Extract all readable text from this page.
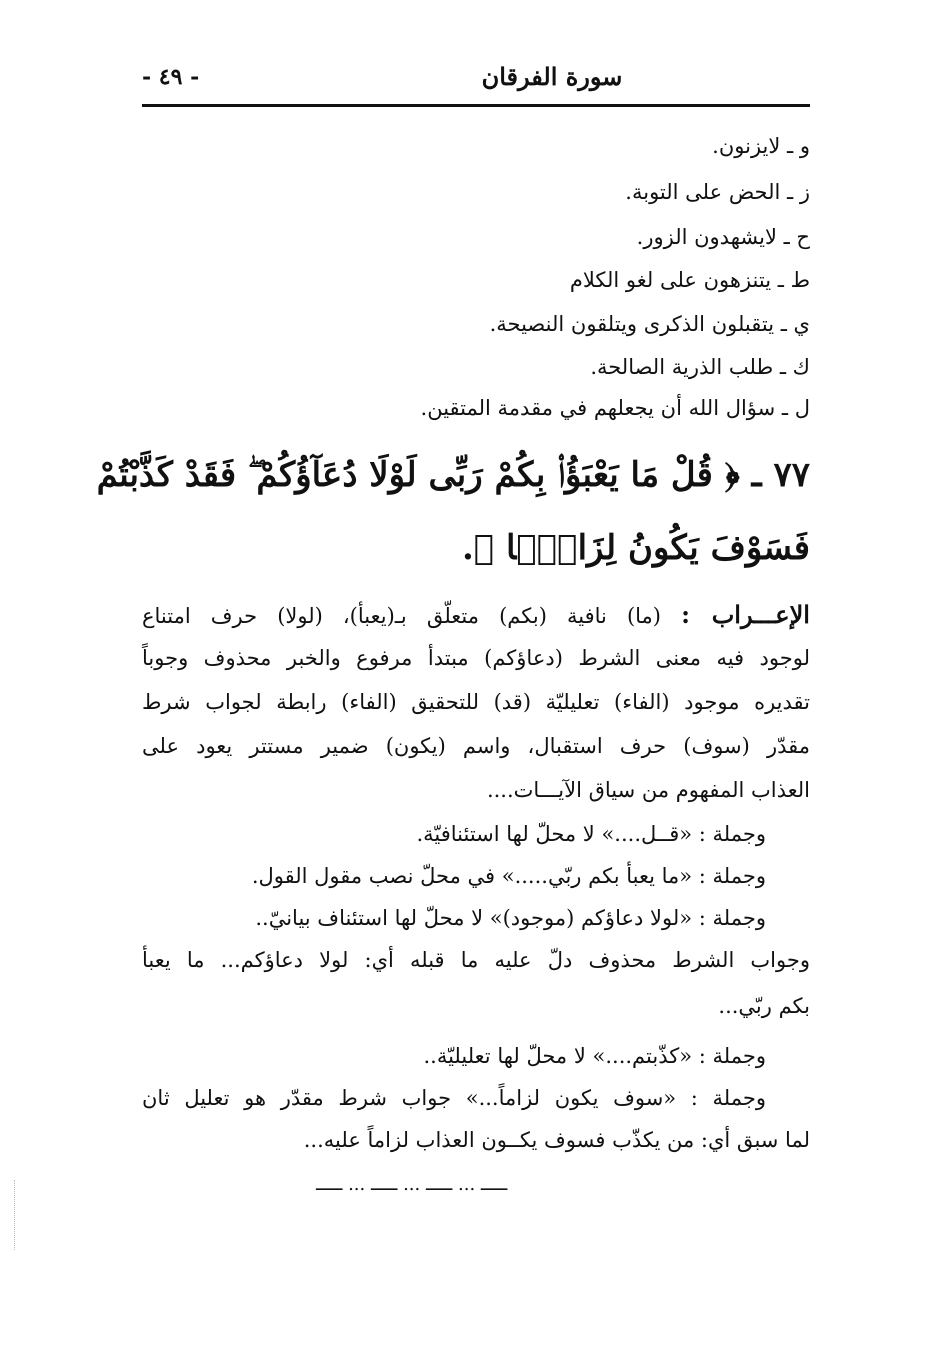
- ٤٩ -	سورة الفرقان
و ـ لايزنون.
ز ـ الحض على التوبة.
ح ـ لايشهدون الزور.
ط ـ يتنزهون على لغو الكلام
ي ـ يتقبلون الذكرى ويتلقون النصيحة.
ك ـ طلب الذرية الصالحة.
ل ـ سؤال الله أن يجعلهم في مقدمة المتقين.
٧٧ ـ ﴿ قُلْ مَا يَعْبَؤُا۟ بِكُمْ رَبِّى لَوْلَا دُعَآؤُكُمْ ۖ فَقَدْ كَذَّبْتُمْ
فَسَوْفَ يَكُونُ لِزَامًۢا ﴾.
الإعـــراب : (ما) نافية (بكم) متعلّق بـ(يعبأ)، (لولا) حرف امتناع
لوجود فيه معنى الشرط (دعاؤكم) مبتدأ مرفوع والخبر محذوف وجوباً
تقديره موجود (الفاء) تعليليّة (قد) للتحقيق (الفاء) رابطة لجواب شرط
مقدّر (سوف) حرف استقبال، واسم (يكون) ضمير مستتر يعود على
العذاب المفهوم من سياق الآيـــات....
وجملة : «قــل....» لا محلّ لها استئنافيّة.
وجملة : «ما يعبأ بكم ربّي.....» في محلّ نصب مقول القول.
وجملة : «لولا دعاؤكم (موجود)» لا محلّ لها استئناف بيانيّ..
وجواب الشرط محذوف دلّ عليه ما قبله أي: لولا دعاؤكم... ما يعبأ
بكم ربّي...
وجملة : «كذّبتم....» لا محلّ لها تعليليّة..
وجملة : «سوف يكون لزاماً...» جواب شرط مقدّر هو تعليل ثان
لما سبق أي: من يكذّب فسوف يكــون العذاب لزاماً عليه...
ـــــ ... ـــــ ... ـــــ ... ـــــ
